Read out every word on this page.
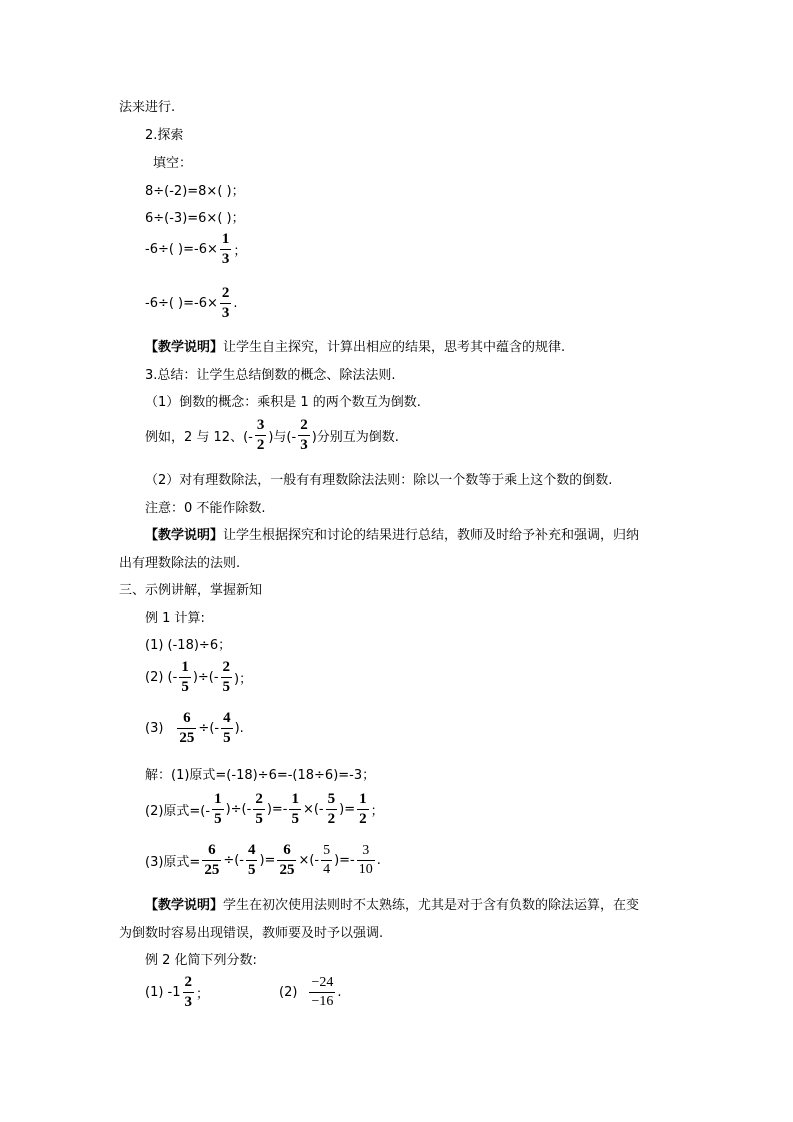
法来进行.
2.探索
填空：
8÷(-2)=8×( )；
6÷(-3)=6×( )；
-6÷( )$=-6\times \frac{1}{3}$ ；
-6÷( )$=-6\times \frac{2}{3}$ .
【教学说明】 让学生自主探究，计算出相应的结果，思考其中蕴含的规律.
3.总结：让学生总结倒数的概念、除法法则.
（1）倒数的概念：乘积是 1 的两个数互为倒数.
例如，2 与 12、(- $\frac{3}{2}$ )与(- $\frac{2}{3}$ )分别互为倒数.
（2）对有理数除法，一般有有理数除法法则：除以一个数等于乘上这个数的倒数.
注意：0 不能作除数.
【教学说明】 让学生根据探究和讨论的结果进行总结，教师及时给予补充和强调，归纳
出有理数除法的法则.
三、示例讲解，掌握新知
例 1 计算:
(1) (-18)÷6；
(2) (- $\frac{1}{5}$ )÷(- $\frac{2}{5}$ )；
$(3) \frac{6}{25}$ ÷(- $\frac{4}{5}$ ).
解：(1)原式=(-18)÷6=-(18÷6)=-3；
(2)原式=(- $\frac{1}{5}$ )÷(- $\frac{2}{5}$ )=- $\frac{1}{5}$ ×(- $\frac{5}{2}$ )= $\frac{1}{2}$ ；
(3)原式= $\frac{6}{25}$ ÷(- $\frac{4}{5}$ )= $\frac{6}{25}$ ×(- $\frac{5}{4}$ )=- $\frac{3}{10}$ .
【教学说明】 学生在初次使用法则时不太熟练，尤其是对于含有负数的除法运算，在变
为倒数时容易出现错误，教师要及时予以强调.
例 2 化简下列分数:
(1) $-1 \frac{2}{3}$ ；	$(2) \frac{-24}{-16}$ .
